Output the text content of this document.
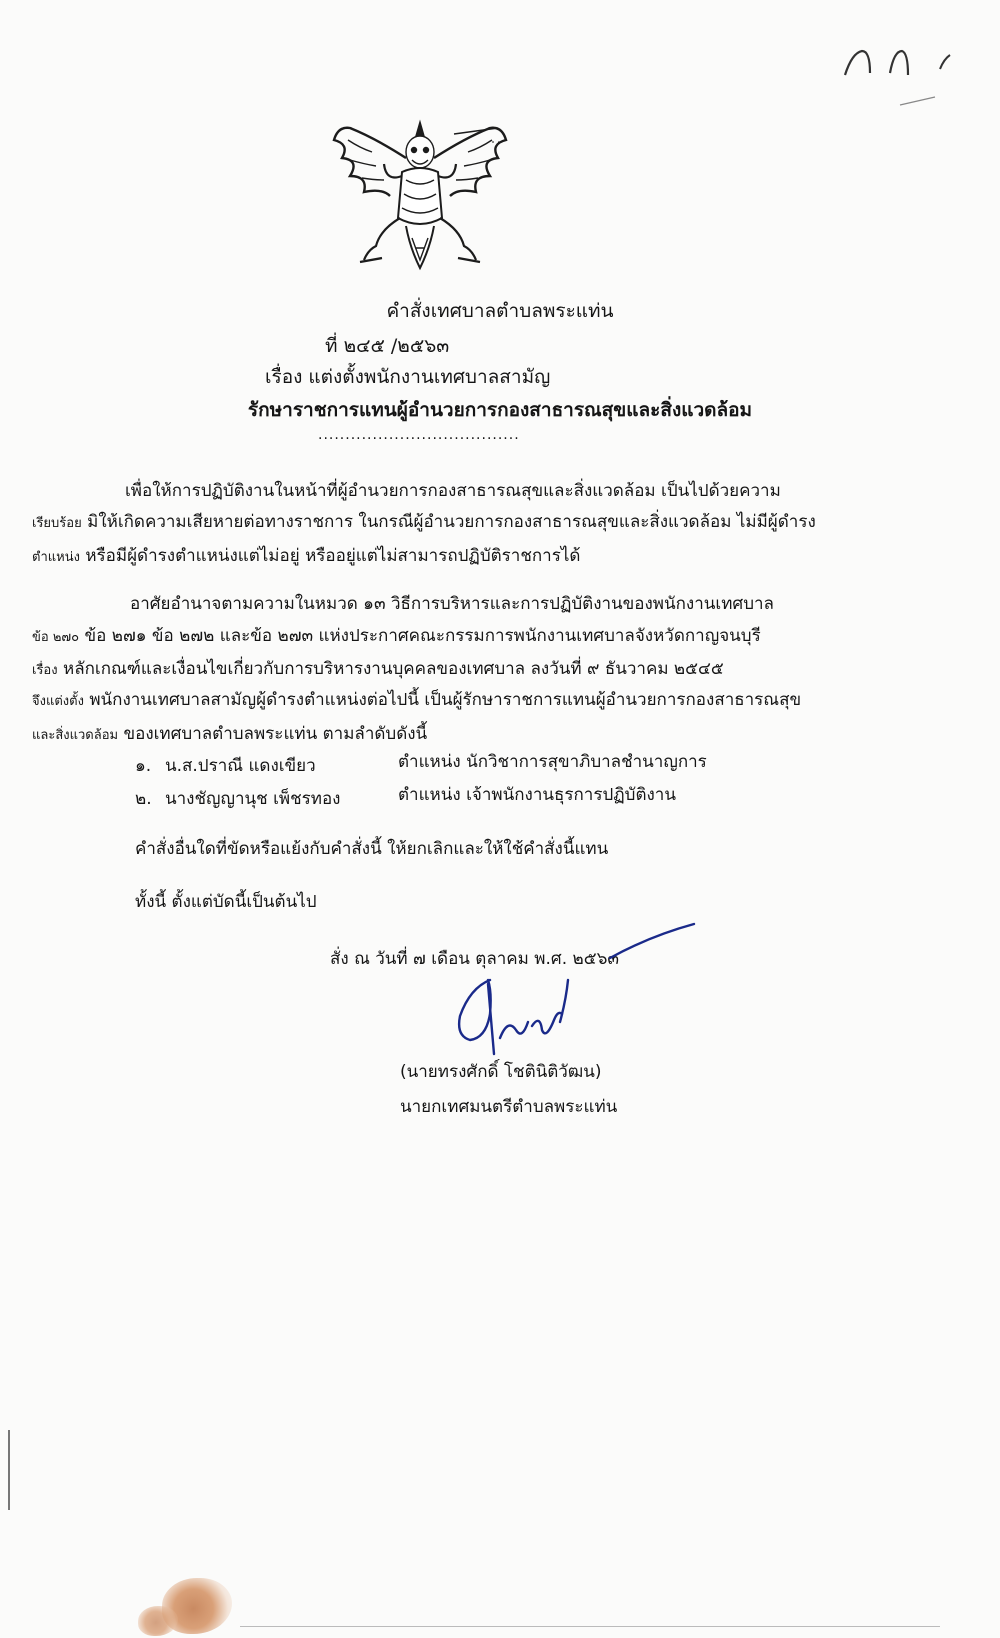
คำสั่งเทศบาลตำบลพระแท่น
ที่ ๒๔๕ /๒๕๖๓
เรื่อง แต่งตั้งพนักงานเทศบาลสามัญ
รักษาราชการแทนผู้อำนวยการกองสาธารณสุขและสิ่งแวดล้อม
.....................................
เพื่อให้การปฏิบัติงานในหน้าที่ผู้อำนวยการกองสาธารณสุขและสิ่งแวดล้อม เป็นไปด้วยความ
เรียบร้อย มิให้เกิดความเสียหายต่อทางราชการ ในกรณีผู้อำนวยการกองสาธารณสุขและสิ่งแวดล้อม ไม่มีผู้ดำรง
ตำแหน่ง หรือมีผู้ดำรงตำแหน่งแต่ไม่อยู่ หรืออยู่แต่ไม่สามารถปฏิบัติราชการได้
อาศัยอำนาจตามความในหมวด ๑๓ วิธีการบริหารและการปฏิบัติงานของพนักงานเทศบาล
ข้อ ๒๗๐ ข้อ ๒๗๑ ข้อ ๒๗๒ และข้อ ๒๗๓ แห่งประกาศคณะกรรมการพนักงานเทศบาลจังหวัดกาญจนบุรี
เรื่อง หลักเกณฑ์และเงื่อนไขเกี่ยวกับการบริหารงานบุคคลของเทศบาล ลงวันที่ ๙ ธันวาคม ๒๕๔๕
จึงแต่งตั้ง พนักงานเทศบาลสามัญผู้ดำรงตำแหน่งต่อไปนี้ เป็นผู้รักษาราชการแทนผู้อำนวยการกองสาธารณสุข
และสิ่งแวดล้อม ของเทศบาลตำบลพระแท่น ตามลำดับดังนี้
๑. น.ส.ปราณี แดงเขียว	ตำแหน่ง นักวิชาการสุขาภิบาลชำนาญการ
๒. นางชัญญานุช เพ็ชรทอง	ตำแหน่ง เจ้าพนักงานธุรการปฏิบัติงาน
คำสั่งอื่นใดที่ขัดหรือแย้งกับคำสั่งนี้ ให้ยกเลิกและให้ใช้คำสั่งนี้แทน
ทั้งนี้ ตั้งแต่บัดนี้เป็นต้นไป
สั่ง ณ วันที่ ๗ เดือน ตุลาคม พ.ศ. ๒๕๖๓
(นายทรงศักดิ์ โชตินิติวัฒน)
นายกเทศมนตรีตำบลพระแท่น
